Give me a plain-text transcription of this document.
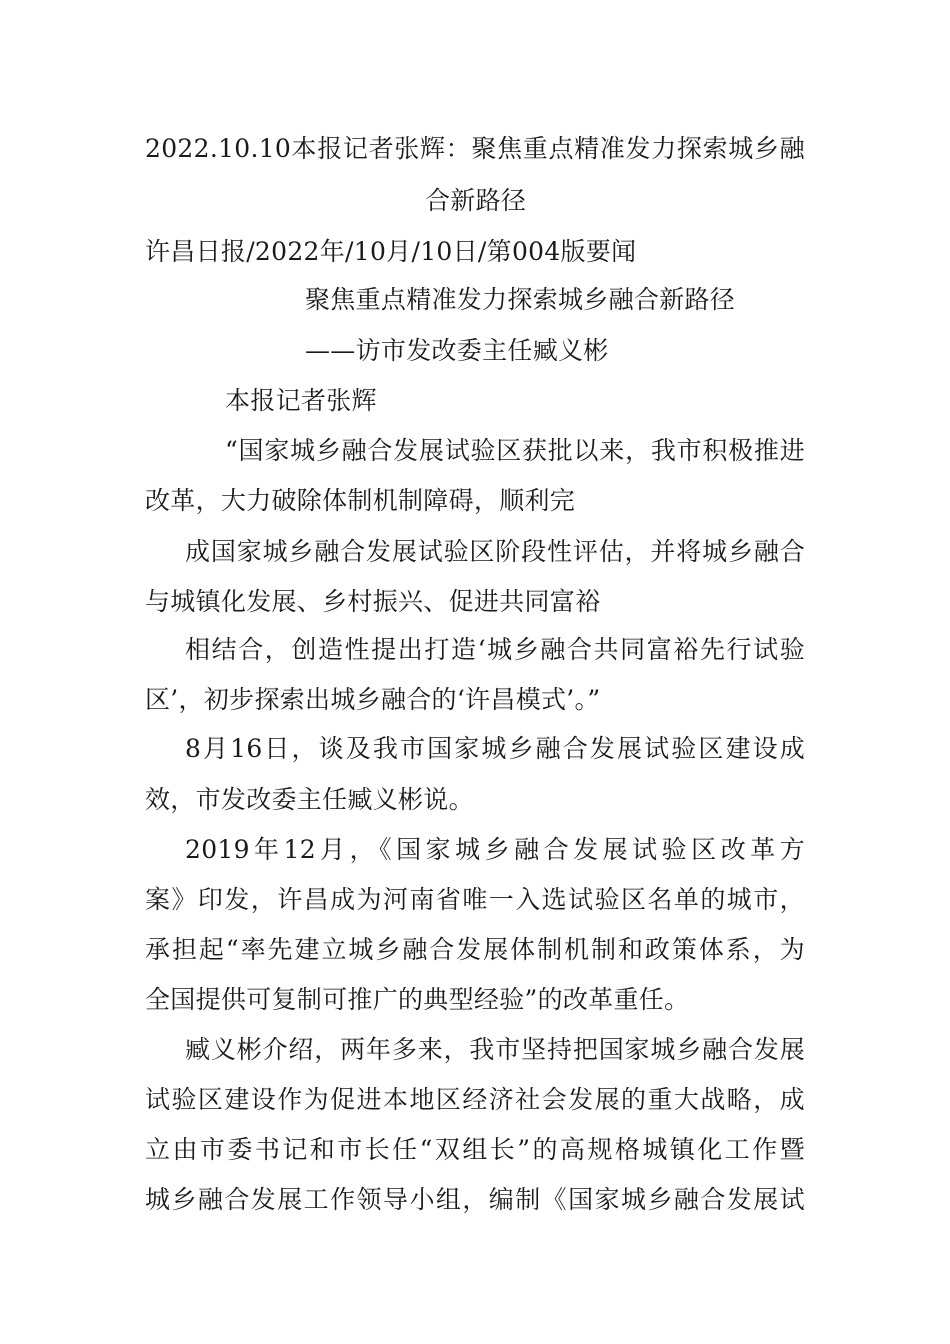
2022.10.10本报记者张辉：聚焦重点精准发力探索城乡融
合新路径
许昌日报/2022年/10月/10日/第004版要闻
聚焦重点精准发力探索城乡融合新路径
——访市发改委主任臧义彬
本报记者张辉
“国家城乡融合发展试验区获批以来，我市积极推进
改革，大力破除体制机制障碍，顺利完
成国家城乡融合发展试验区阶段性评估，并将城乡融合
与城镇化发展、乡村振兴、促进共同富裕
相结合，创造性提出打造‘城乡融合共同富裕先行试验
区’，初步探索出城乡融合的‘许昌模式’。”
8月16日，谈及我市国家城乡融合发展试验区建设成
效，市发改委主任臧义彬说。
2019年12月，《国家城乡融合发展试验区改革方
案》印发，许昌成为河南省唯一入选试验区名单的城市，
承担起“率先建立城乡融合发展体制机制和政策体系，为
全国提供可复制可推广的典型经验”的改革重任。
臧义彬介绍，两年多来，我市坚持把国家城乡融合发展
试验区建设作为促进本地区经济社会发展的重大战略，成
立由市委书记和市长任“双组长”的高规格城镇化工作暨
城乡融合发展工作领导小组，编制《国家城乡融合发展试
